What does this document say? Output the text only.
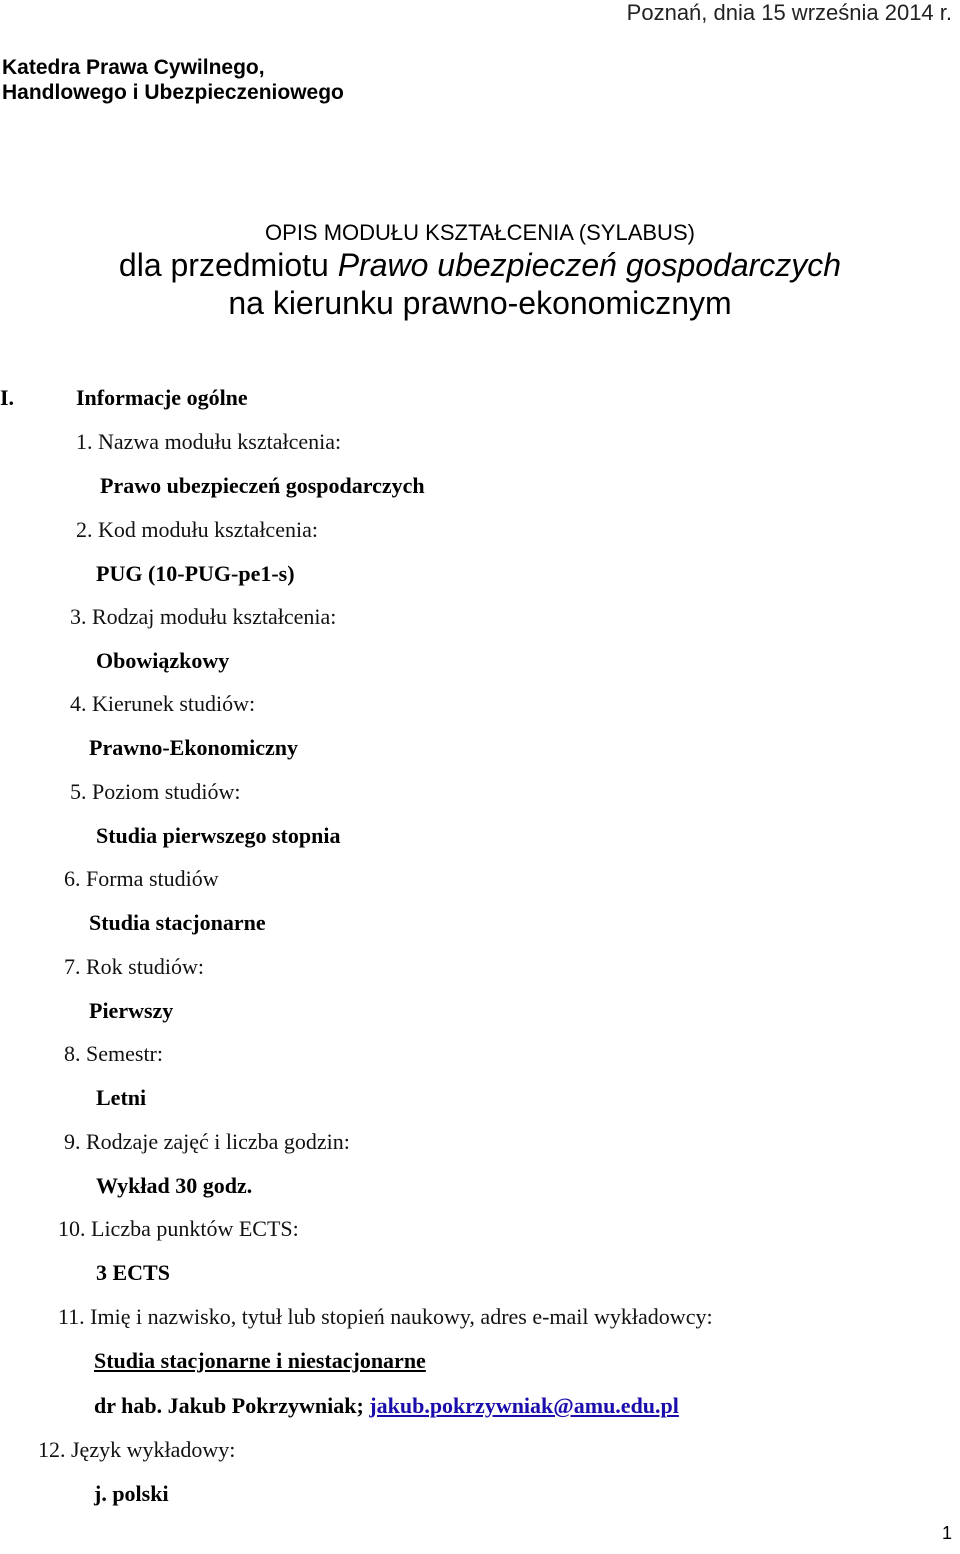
Poznań, dnia 15 września 2014 r.
Katedra Prawa Cywilnego,
Handlowego i Ubezpieczeniowego
OPIS MODUŁU KSZTAŁCENIA (SYLABUS)
dla przedmiotu Prawo ubezpieczeń gospodarczych
na kierunku prawno-ekonomicznym
I.	Informacje ogólne
1. Nazwa modułu kształcenia:
Prawo ubezpieczeń gospodarczych
2. Kod modułu kształcenia:
PUG (10-PUG-pe1-s)
3. Rodzaj modułu kształcenia:
Obowiązkowy
4. Kierunek studiów:
Prawno-Ekonomiczny
5. Poziom studiów:
Studia pierwszego stopnia
6. Forma studiów
Studia stacjonarne
7. Rok studiów:
Pierwszy
8. Semestr:
Letni
9. Rodzaje zajęć i liczba godzin:
Wykład 30 godz.
10. Liczba punktów ECTS:
3 ECTS
11. Imię i nazwisko, tytuł lub stopień naukowy, adres e-mail wykładowcy:
Studia stacjonarne i niestacjonarne
dr hab. Jakub Pokrzywniak; jakub.pokrzywniak@amu.edu.pl
12. Język wykładowy:
j. polski
1
